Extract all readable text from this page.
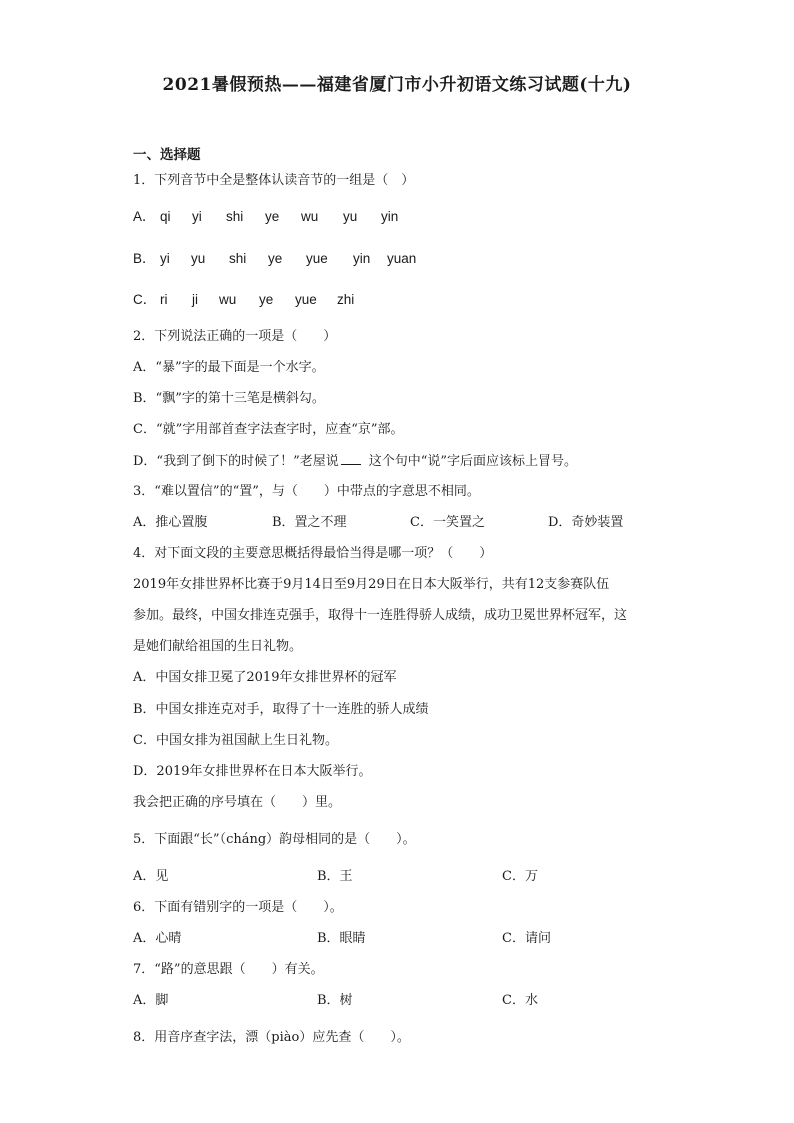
2021暑假预热——福建省厦门市小升初语文练习试题(十九)
一、选择题
1．下列音节中全是整体认读音节的一组是（　）
A． qi yi shi ye wu yu yin
B． yi yu shi ye yue yin yuan
C． ri ji wu ye yue zhi
2．下列说法正确的一项是（　　）
A．“暴”字的最下面是一个水字。
B．“飘”字的第十三笔是横斜勾。
C．“就”字用部首查字法查字时，应查“京”部。
D．“我到了倒下的时候了！”老屋说 这个句中“说”字后面应该标上冒号。
3．“难以置信”的“置”，与（　　）中带点的字意思不相同。
A．推心置腹	B．置之不理	C．一笑置之	D．奇妙装置
4．对下面文段的主要意思概括得最恰当得是哪一项？（　　）
2019年女排世界杯比赛于9月14日至9月29日在日本大阪举行，共有12支参赛队伍
参加。最终，中国女排连克强手，取得十一连胜得骄人成绩，成功卫冕世界杯冠军，这
是她们献给祖国的生日礼物。
A．中国女排卫冕了2019年女排世界杯的冠军
B．中国女排连克对手，取得了十一连胜的骄人成绩
C．中国女排为祖国献上生日礼物。
D．2019年女排世界杯在日本大阪举行。
我会把正确的序号填在（　　）里。
5．下面跟“长”（cháng）韵母相同的是（　　）。
A．见	B．王	C．万
6．下面有错别字的一项是（　　）。
A．心晴	B．眼睛	C．请问
7．“路”的意思跟（　　）有关。
A．脚	B．树	C．水
8．用音序查字法，漂（piào）应先查（　　）。
